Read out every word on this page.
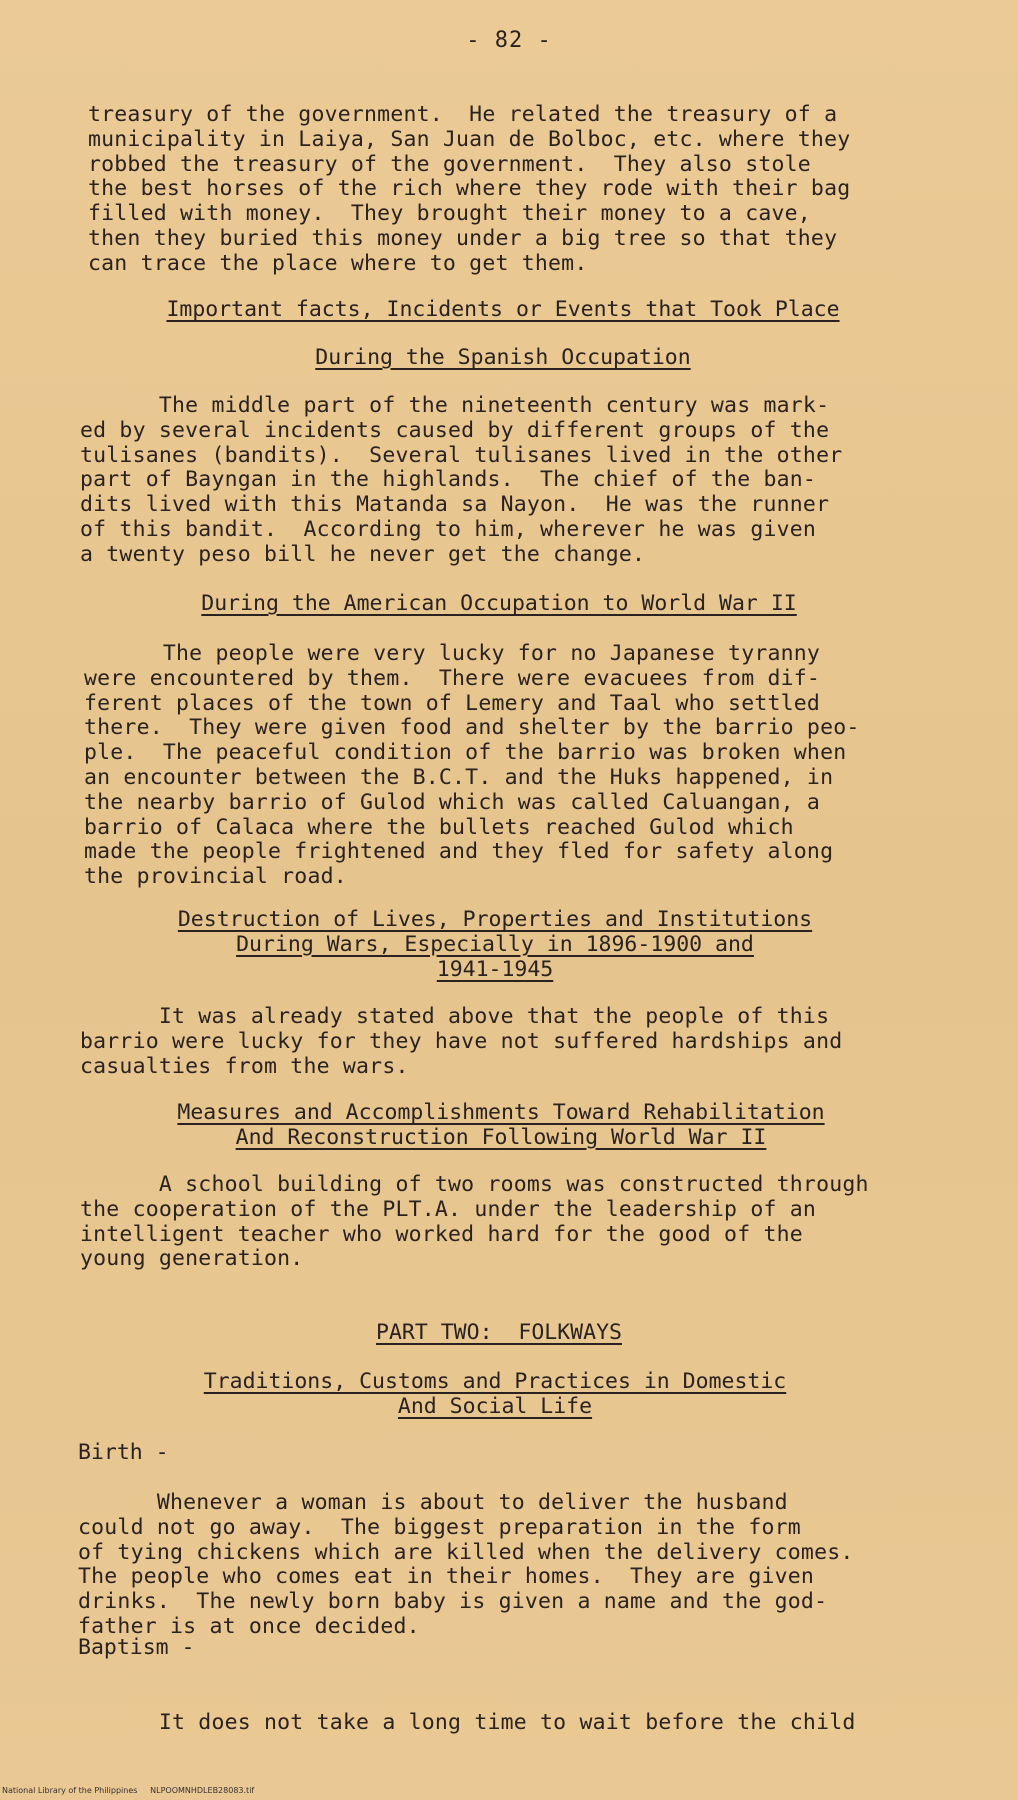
- 82 -
treasury of the government.  He related the treasury of a
municipality in Laiya, San Juan de Bolboc, etc. where they
robbed the treasury of the government.  They also stole
the best horses of the rich where they rode with their bag
filled with money.  They brought their money to a cave,
then they buried this money under a big tree so that they
can trace the place where to get them.
Important facts, Incidents or Events that Took Place
During the Spanish Occupation
The middle part of the nineteenth century was mark-
ed by several incidents caused by different groups of the
tulisanes (bandits).  Several tulisanes lived in the other
part of Bayngan in the highlands.  The chief of the ban-
dits lived with this Matanda sa Nayon.  He was the runner
of this bandit.  According to him, wherever he was given
a twenty peso bill he never get the change.
During the American Occupation to World War II
The people were very lucky for no Japanese tyranny
were encountered by them.  There were evacuees from dif-
ferent places of the town of Lemery and Taal who settled
there.  They were given food and shelter by the barrio peo-
ple.  The peaceful condition of the barrio was broken when
an encounter between the B.C.T. and the Huks happened, in
the nearby barrio of Gulod which was called Caluangan, a
barrio of Calaca where the bullets reached Gulod which
made the people frightened and they fled for safety along
the provincial road.
Destruction of Lives, Properties and Institutions
During Wars, Especially in 1896-1900 and
1941-1945
It was already stated above that the people of this
barrio were lucky for they have not suffered hardships and
casualties from the wars.
Measures and Accomplishments Toward Rehabilitation
And Reconstruction Following World War II
A school building of two rooms was constructed through
the cooperation of the PLT.A. under the leadership of an
intelligent teacher who worked hard for the good of the
young generation.
PART TWO:  FOLKWAYS
Traditions, Customs and Practices in Domestic
And Social Life
Birth -
Whenever a woman is about to deliver the husband
could not go away.  The biggest preparation in the form
of tying chickens which are killed when the delivery comes.
The people who comes eat in their homes.  They are given
drinks.  The newly born baby is given a name and the god-
father is at once decided.
Baptism -
It does not take a long time to wait before the child
National Library of the Philippines     NLPOOMNHDLEB28083.tif
